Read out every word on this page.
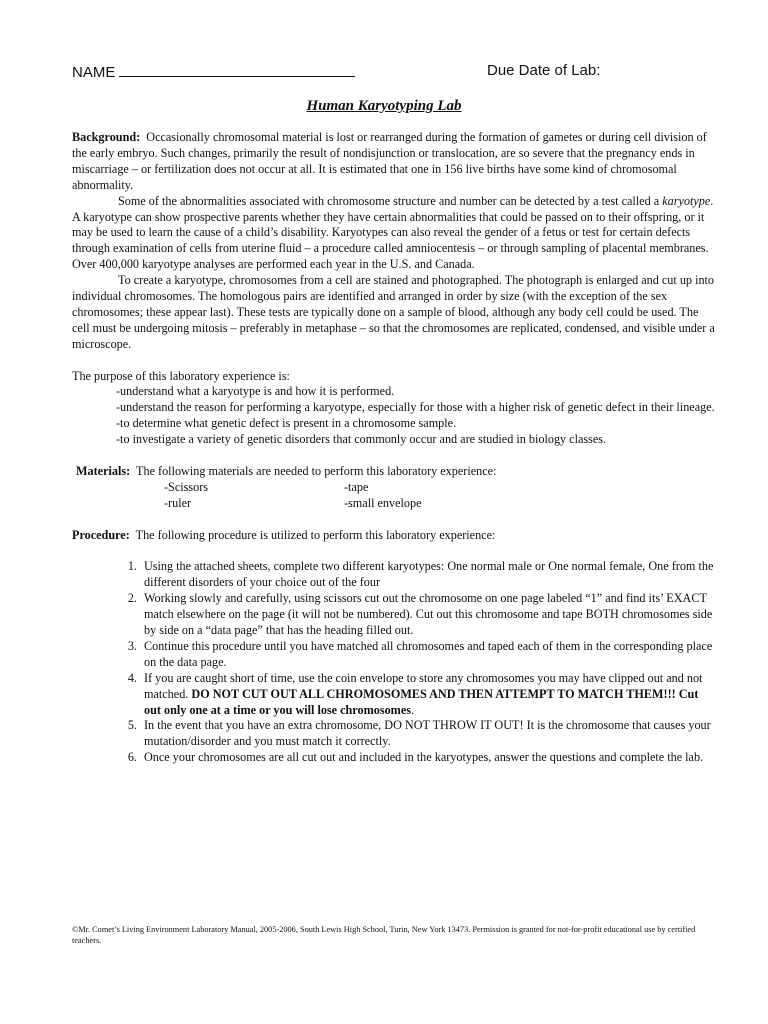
NAME	Due Date of Lab:
Human Karyotyping Lab

Background: Occasionally chromosomal material is lost or rearranged during the formation of gametes or during cell division of the early embryo. Such changes, primarily the result of nondisjunction or translocation, are so severe that the pregnancy ends in miscarriage – or fertilization does not occur at all. It is estimated that one in 156 live births have some kind of chromosomal abnormality.

Some of the abnormalities associated with chromosome structure and number can be detected by a test called a karyotype. A karyotype can show prospective parents whether they have certain abnormalities that could be passed on to their offspring, or it may be used to learn the cause of a child’s disability. Karyotypes can also reveal the gender of a fetus or test for certain defects through examination of cells from uterine fluid – a procedure called amniocentesis – or through sampling of placental membranes. Over 400,000 karyotype analyses are performed each year in the U.S. and Canada.

To create a karyotype, chromosomes from a cell are stained and photographed. The photograph is enlarged and cut up into individual chromosomes. The homologous pairs are identified and arranged in order by size (with the exception of the sex chromosomes; these appear last). These tests are typically done on a sample of blood, although any body cell could be used. The cell must be undergoing mitosis – preferably in metaphase – so that the chromosomes are replicated, condensed, and visible under a microscope.

The purpose of this laboratory experience is:

-understand what a karyotype is and how it is performed.

-understand the reason for performing a karyotype, especially for those with a higher risk of genetic defect in their lineage.

-to determine what genetic defect is present in a chromosome sample.

-to investigate a variety of genetic disorders that commonly occur and are studied in biology classes.

Materials: The following materials are needed to perform this laboratory experience:

-Scissors	-tape
-ruler	-small envelope

Procedure: The following procedure is utilized to perform this laboratory experience:

1. Using the attached sheets, complete two different karyotypes: One normal male or One normal female, One from the different disorders of your choice out of the four
2. Working slowly and carefully, using scissors cut out the chromosome on one page labeled “1” and find its’ EXACT match elsewhere on the page (it will not be numbered). Cut out this chromosome and tape BOTH chromosomes side by side on a “data page” that has the heading filled out.
3. Continue this procedure until you have matched all chromosomes and taped each of them in the corresponding place on the data page.
4. If you are caught short of time, use the coin envelope to store any chromosomes you may have clipped out and not matched. DO NOT CUT OUT ALL CHROMOSOMES AND THEN ATTEMPT TO MATCH THEM!!! Cut out only one at a time or you will lose chromosomes.
5. In the event that you have an extra chromosome, DO NOT THROW IT OUT! It is the chromosome that causes your mutation/disorder and you must match it correctly.
6. Once your chromosomes are all cut out and included in the karyotypes, answer the questions and complete the lab.
©Mr. Comet’s Living Environment Laboratory Manual, 2005-2006, South Lewis High School, Turin, New York 13473. Permission is granted for not-for-profit educational use by certified teachers.
